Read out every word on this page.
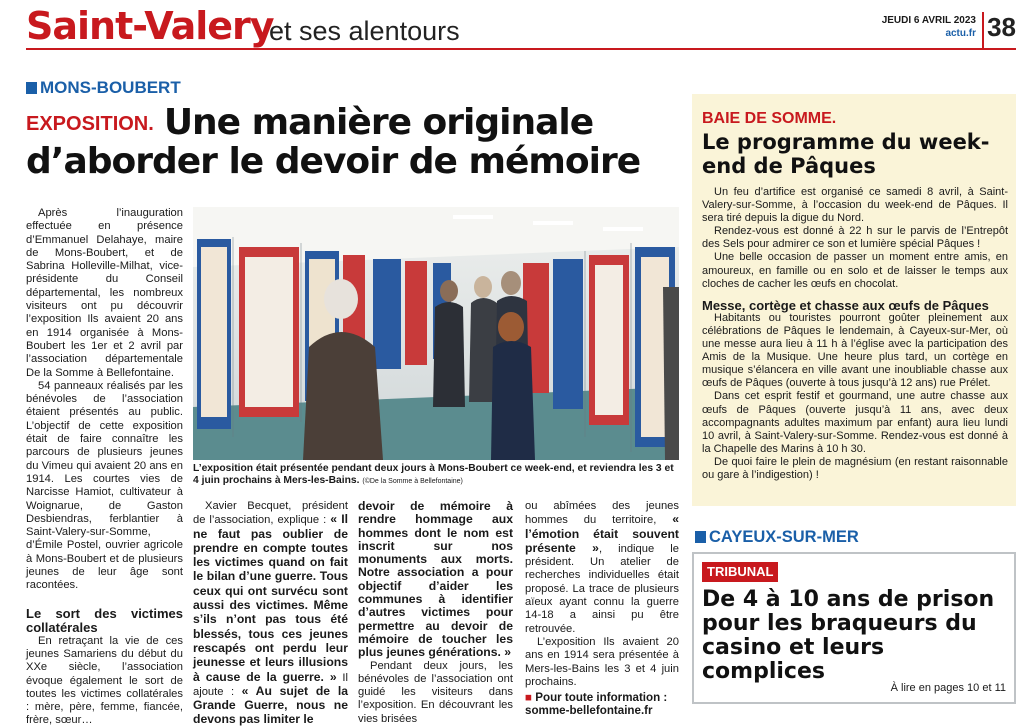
Saint-Valery
et ses alentours	JEUDI 6 AVRIL 2023
actu.fr 38
MONS-BOUBERT
EXPOSITION. Une manière originale d’aborder le devoir de mémoire

Après l’inauguration effectuée en présence d’Emmanuel Delahaye, maire de Mons-Boubert, et de Sabrina Holleville-Milhat, vice-présidente du Conseil départemental, les nombreux visiteurs ont pu découvrir l’exposition Ils avaient 20 ans en 1914 organisée à Mons-Boubert les 1er et 2 avril par l’association départementale De la Somme à Bellefontaine.

54 panneaux réalisés par les bénévoles de l’association étaient présentés au public. L’objectif de cette exposition était de faire connaître les parcours de plusieurs jeunes du Vimeu qui avaient 20 ans en 1914. Les courtes vies de Narcisse Hamiot, cultivateur à Woignarue, de Gaston Desbiendras, ferblantier à Saint-Valery-sur-Somme, d’Émile Postel, ouvrier agricole à Mons-Boubert et de plusieurs jeunes de leur âge sont racontées.

Le sort des victimes collatérales

En retraçant la vie de ces jeunes Samariens du début du XXe siècle, l’association évoque également le sort de toutes les victimes collatérales : mère, père, femme, fiancée, frère, sœur…

L’exposition était présentée pendant deux jours à Mons-Boubert ce week-end, et reviendra les 3 et 4 juin prochains à Mers-les-Bains. (©De la Somme à Bellefontaine)

Xavier Becquet, président de l’association, explique : « Il ne faut pas oublier de prendre en compte toutes les victimes quand on fait le bilan d’une guerre. Tous ceux qui ont survécu sont aussi des victimes. Même s’ils n’ont pas tous été blessés, tous ces jeunes rescapés ont perdu leur jeunesse et leurs illusions à cause de la guerre. » Il ajoute : « Au sujet de la Grande Guerre, nous ne devons pas limiter le

devoir de mémoire à rendre hommage aux hommes dont le nom est inscrit sur nos monuments aux morts. Notre association a pour objectif d’aider les communes à identifier d’autres victimes pour permettre au devoir de mémoire de toucher les plus jeunes générations. »

Pendant deux jours, les bénévoles de l’association ont guidé les visiteurs dans l’exposition. En découvrant les vies brisées

ou abîmées des jeunes hommes du territoire, « l’émotion était souvent présente », indique le président. Un atelier de recherches individuelles était proposé. La trace de plusieurs aïeux ayant connu la guerre 14-18 a ainsi pu être retrouvée.

L’exposition Ils avaient 20 ans en 1914 sera présentée à Mers-les-Bains les 3 et 4 juin prochains.

■ Pour toute information :
somme-bellefontaine.fr
BAIE DE SOMME.
Le programme du week-end de Pâques

Un feu d’artifice est organisé ce samedi 8 avril, à Saint-Valery-sur-Somme, à l’occasion du week-end de Pâques. Il sera tiré depuis la digue du Nord.

Rendez-vous est donné à 22 h sur le parvis de l’Entrepôt des Sels pour admirer ce son et lumière spécial Pâques !

Une belle occasion de passer un moment entre amis, en amoureux, en famille ou en solo et de laisser le temps aux cloches de cacher les œufs en chocolat.

Messe, cortège et chasse aux œufs de Pâques

Habitants ou touristes pourront goûter pleinement aux célébrations de Pâques le lendemain, à Cayeux-sur-Mer, où une messe aura lieu à 11 h à l’église avec la participation des Amis de la Musique. Une heure plus tard, un cortège en musique s’élancera en ville avant une inoubliable chasse aux œufs de Pâques (ouverte à tous jusqu’à 12 ans) rue Prélet.

Dans cet esprit festif et gourmand, une autre chasse aux œufs de Pâques (ouverte jusqu’à 11 ans, avec deux accompagnants adultes maximum par enfant) aura lieu lundi 10 avril, à Saint-Valery-sur-Somme. Rendez-vous est donné à la Chapelle des Marins à 10 h 30.

De quoi faire le plein de magnésium (en restant raisonnable ou gare à l’indigestion) !

CAYEUX-SUR-MER
TRIBUNAL
De 4 à 10 ans de prison pour les braqueurs du casino et leurs complices
À lire en pages 10 et 11
